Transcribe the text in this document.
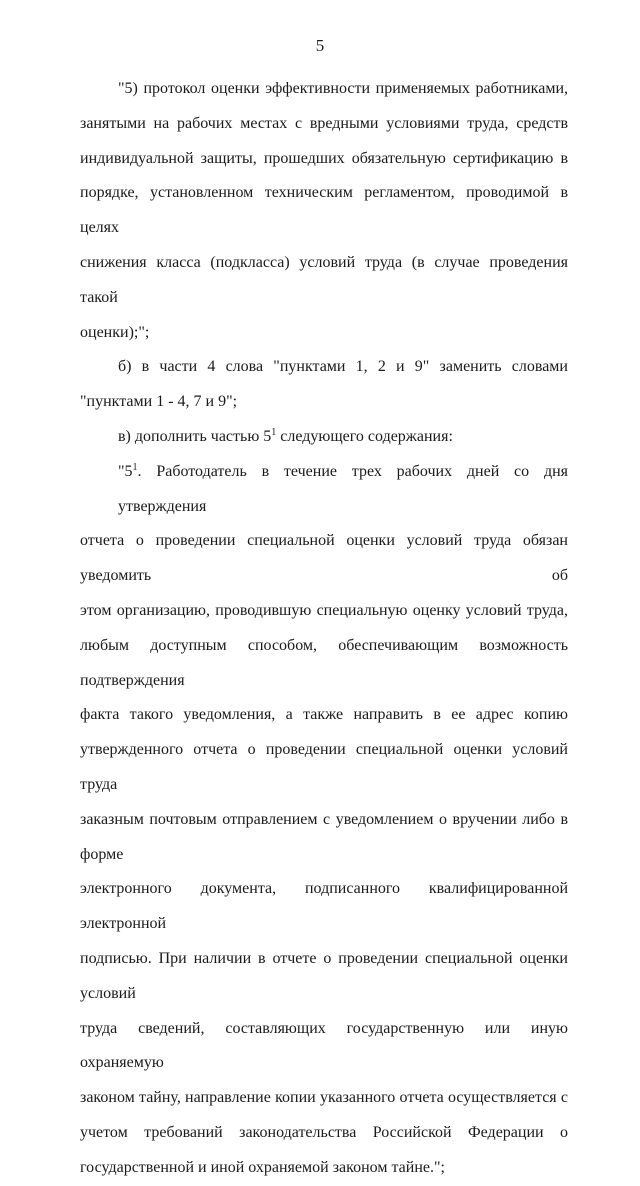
5
"5) протокол оценки эффективности применяемых работниками,
занятыми на рабочих местах с вредными условиями труда, средств
индивидуальной защиты, прошедших обязательную сертификацию в
порядке, установленном техническим регламентом, проводимой в целях
снижения класса (подкласса) условий труда (в случае проведения такой
оценки);";
б) в части 4 слова "пунктами 1, 2 и 9" заменить словами
"пунктами 1 - 4, 7 и 9";
в) дополнить частью $5^1$ следующего содержания:
"$5^1$. Работодатель в течение трех рабочих дней со дня утверждения
отчета о проведении специальной оценки условий труда обязан уведомить об
этом организацию, проводившую специальную оценку условий труда,
любым доступным способом, обеспечивающим возможность подтверждения
факта такого уведомления, а также направить в ее адрес копию
утвержденного отчета о проведении специальной оценки условий труда
заказным почтовым отправлением с уведомлением о вручении либо в форме
электронного документа, подписанного квалифицированной электронной
подписью. При наличии в отчете о проведении специальной оценки условий
труда сведений, составляющих государственную или иную охраняемую
законом тайну, направление копии указанного отчета осуществляется с
учетом требований законодательства Российской Федерации о
государственной и иной охраняемой законом тайне.";
